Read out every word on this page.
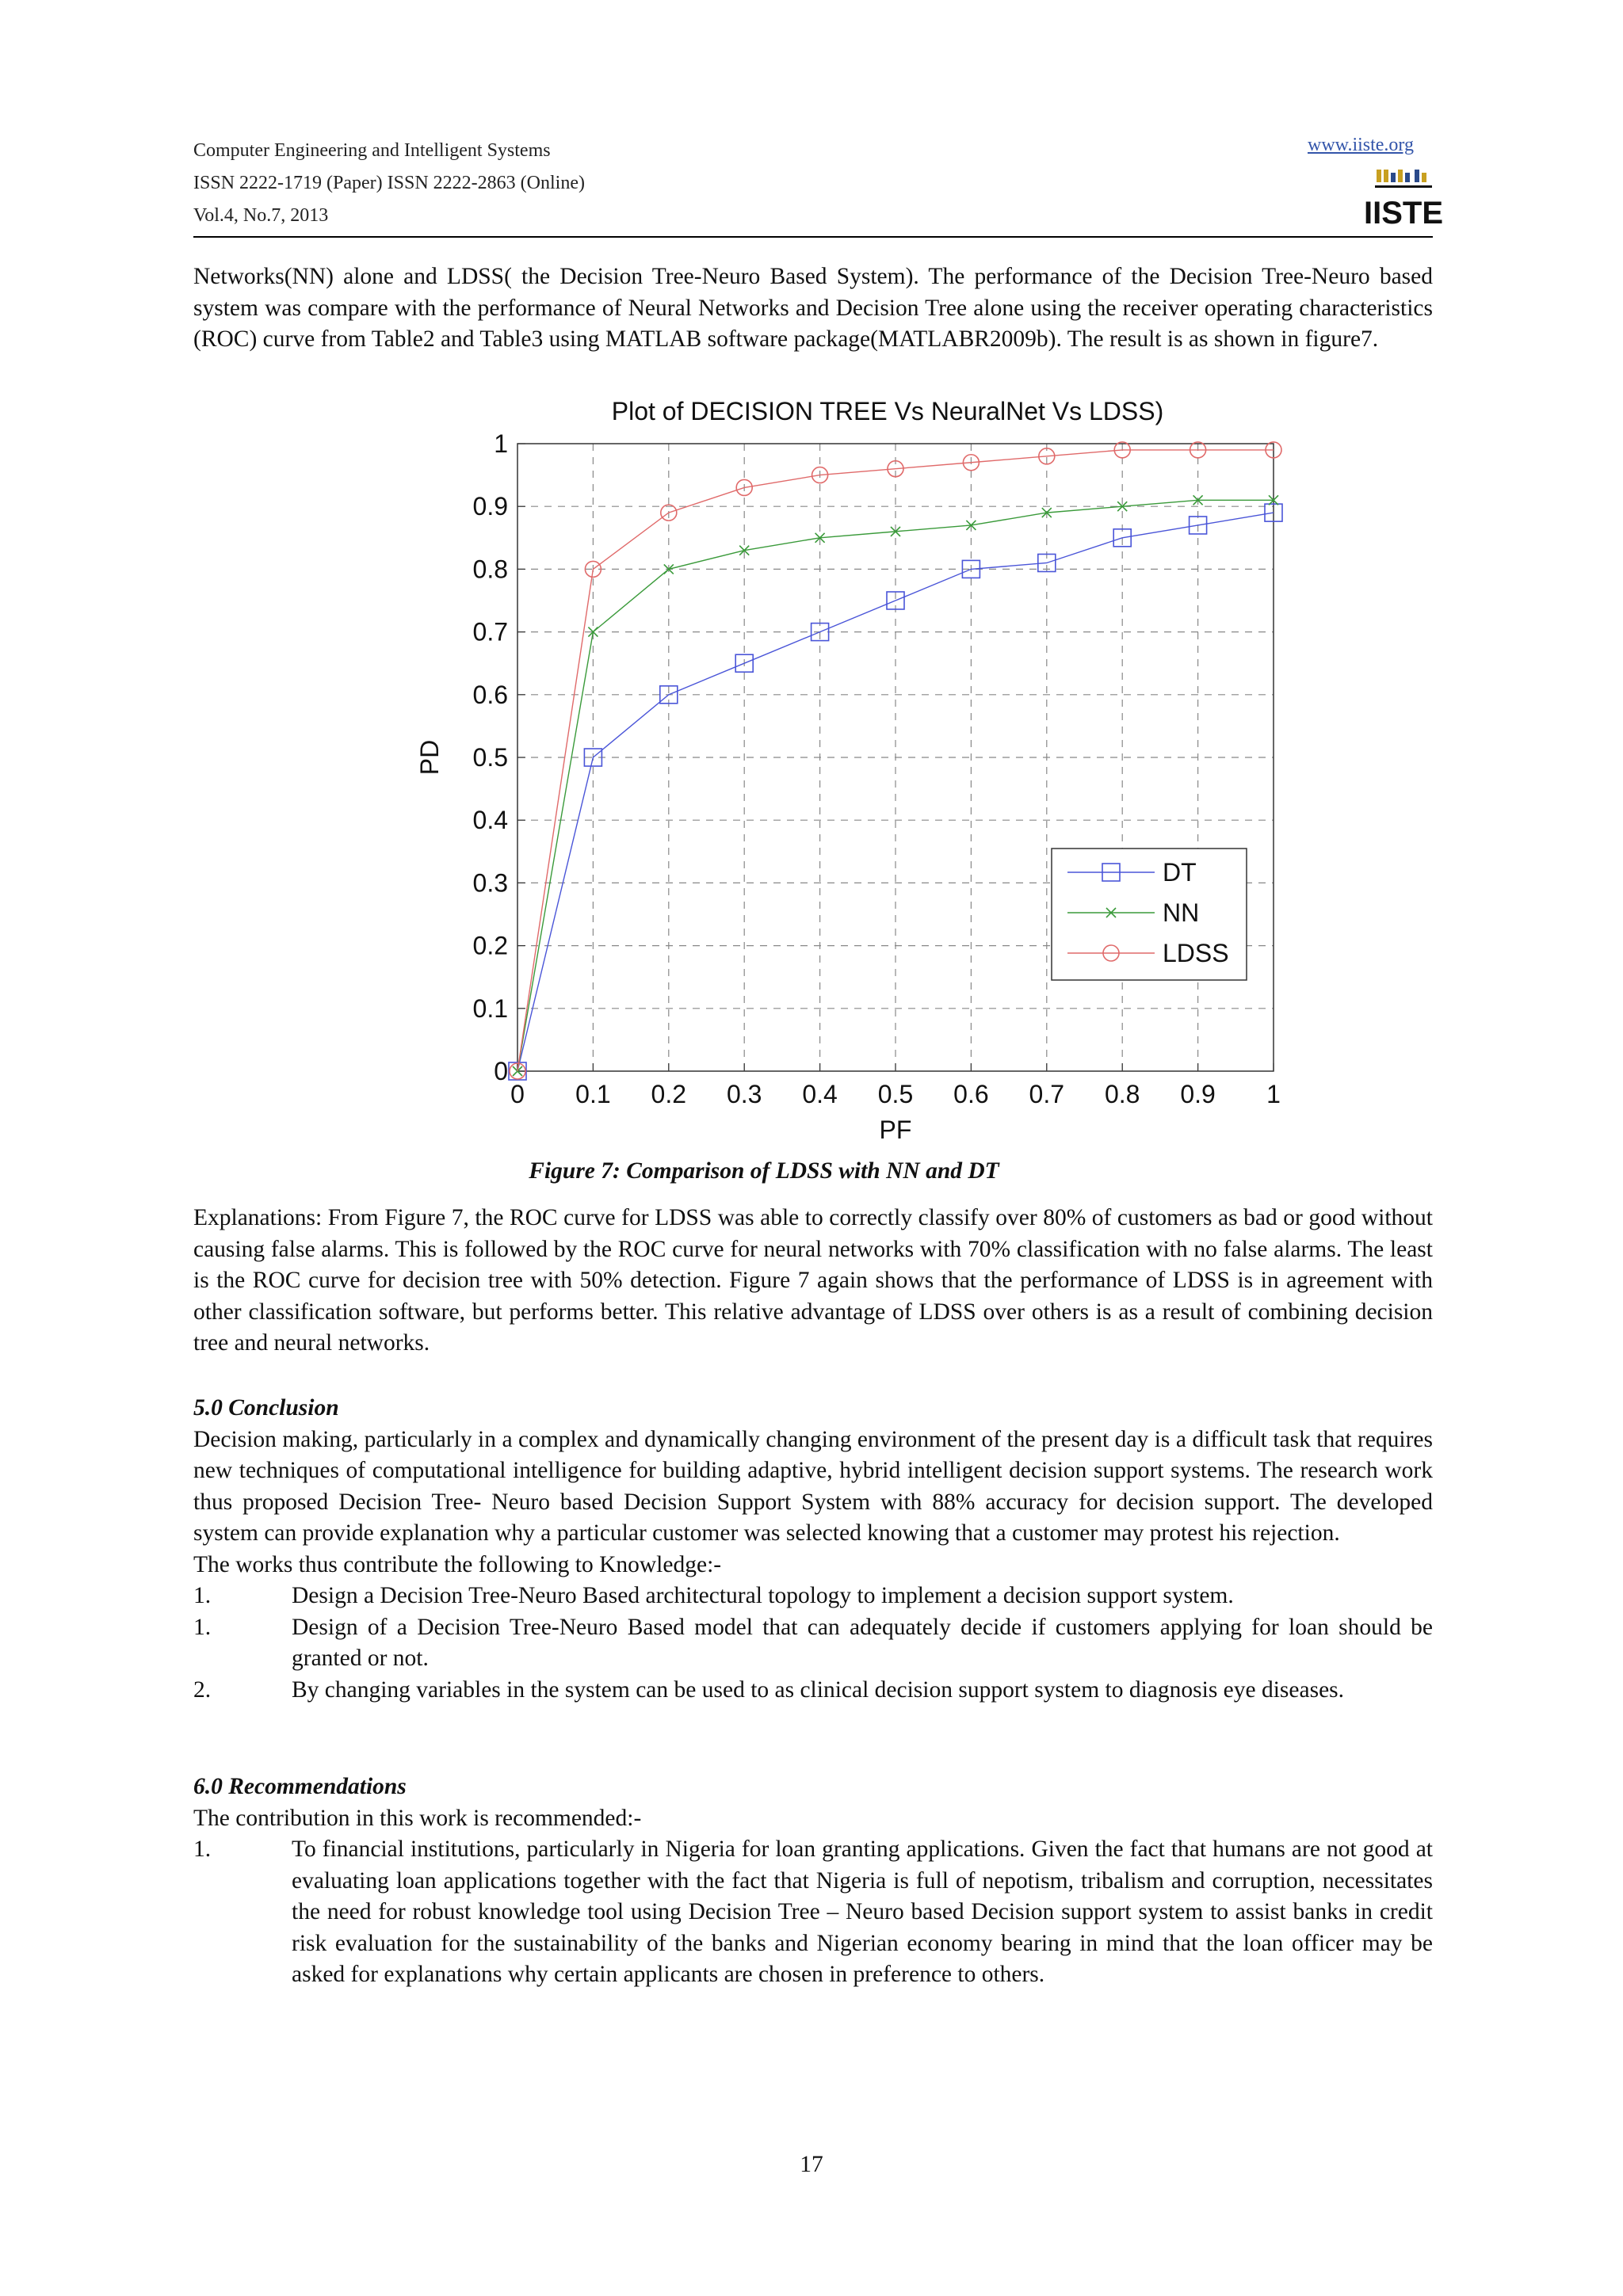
Computer Engineering and Intelligent Systems
ISSN 2222-1719 (Paper) ISSN 2222-2863 (Online)
Vol.4, No.7, 2013
www.iiste.org
IISTE
Networks(NN) alone and LDSS( the Decision Tree-Neuro Based System). The performance of the Decision Tree-Neuro based system was compare with the performance of Neural Networks and Decision Tree alone using the receiver operating characteristics (ROC) curve from Table2 and Table3 using MATLAB software package(MATLABR2009b). The result is as shown in figure7.
0 0.1 0.2 0.3 0.4 0.5 0.6 0.7 0.8 0.9 1
0
0.1
0.2
0.3
0.4
0.5
0.6
0.7
0.8
0.9
1
Plot of DECISION TREE Vs NeuralNet Vs LDSS)
PF
PD
DT
NN
LDSS
Figure 7: Comparison of LDSS with NN and DT
Explanations: From Figure 7, the ROC curve for LDSS was able to correctly classify over 80% of customers as bad or good without causing false alarms. This is followed by the ROC curve for neural networks with 70% classification with no false alarms. The least is the ROC curve for decision tree with 50% detection. Figure 7 again shows that the performance of LDSS is in agreement with other classification software, but performs better. This relative advantage of LDSS over others is as a result of combining decision tree and neural networks.
5.0 Conclusion
Decision making, particularly in a complex and dynamically changing environment of the present day is a difficult task that requires new techniques of computational intelligence for building adaptive, hybrid intelligent decision support systems. The research work thus proposed Decision Tree- Neuro based Decision Support System with 88% accuracy for decision support. The developed system can provide explanation why a particular customer was selected knowing that a customer may protest his rejection.
The works thus contribute the following to Knowledge:-
1.	Design a Decision Tree-Neuro Based architectural topology to implement a decision support system.
1.	Design of a Decision Tree-Neuro Based model that can adequately decide if customers applying for loan should be granted or not.
2.	By changing variables in the system can be used to as clinical decision support system to diagnosis eye diseases.
6.0 Recommendations
The contribution in this work is recommended:-
1.	To financial institutions, particularly in Nigeria for loan granting applications. Given the fact that humans are not good at evaluating loan applications together with the fact that Nigeria is full of nepotism, tribalism and corruption, necessitates the need for robust knowledge tool using Decision Tree – Neuro based Decision support system to assist banks in credit risk evaluation for the sustainability of the banks and Nigerian economy bearing in mind that the loan officer may be asked for explanations why certain applicants are chosen in preference to others.
17
